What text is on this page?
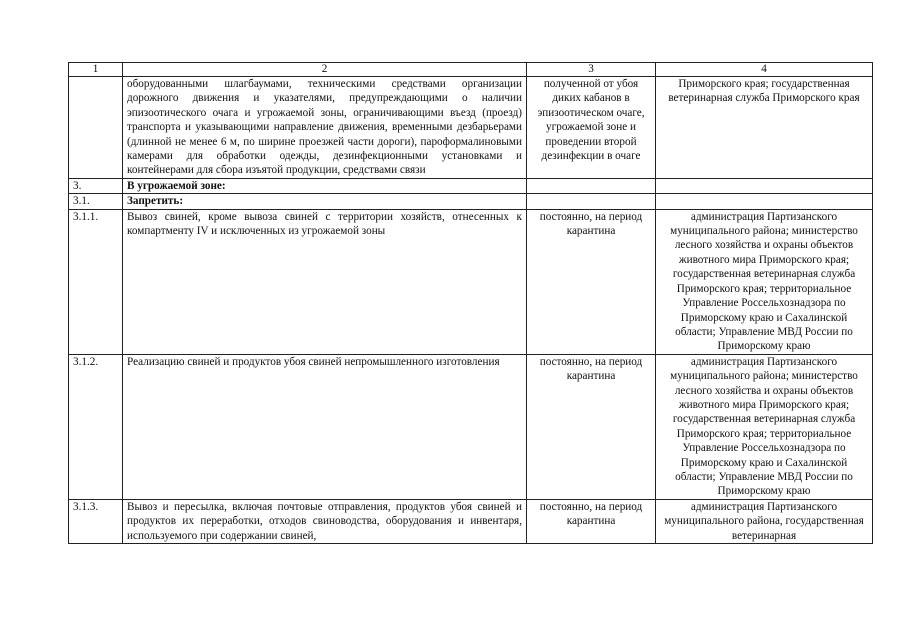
1	2	3	4
	оборудованными шлагбаумами, техническими средствами организации дорожного движения и указателями, предупреждающими о наличии эпизоотического очага и угрожаемой зоны, ограничивающими въезд (проезд) транспорта и указывающими направление движения, временными дезбарьерами (длинной не менее 6 м, по ширине проезжей части дороги), пароформалиновыми камерами для обработки одежды, дезинфекционными установками и контейнерами для сбора изъятой продукции, средствами связи	полученной от убоя диких кабанов в эпизоотическом очаге, угрожаемой зоне и проведении второй дезинфекции в очаге	Приморского края; государственная ветеринарная служба Приморского края
3.	В угрожаемой зоне:		
3.1.	Запретить:		
3.1.1.	Вывоз свиней, кроме вывоза свиней с территории хозяйств, отнесенных к компартменту IV и исключенных из угрожаемой зоны	постоянно, на период карантина	администрация Партизанского муниципального района; министерство лесного хозяйства и охраны объектов животного мира Приморского края; государственная ветеринарная служба Приморского края; территориальное Управление Россельхознадзора по Приморскому краю и Сахалинской области; Управление МВД России по Приморскому краю
3.1.2.	Реализацию свиней и продуктов убоя свиней непромышленного изготовления	постоянно, на период карантина	администрация Партизанского муниципального района; министерство лесного хозяйства и охраны объектов животного мира Приморского края; государственная ветеринарная служба Приморского края; территориальное Управление Россельхознадзора по Приморскому краю и Сахалинской области; Управление МВД России по Приморскому краю
3.1.3.	Вывоз и пересылка, включая почтовые отправления, продуктов убоя свиней и продуктов их переработки, отходов свиноводства, оборудования и инвентаря, используемого при содержании свиней,	постоянно, на период карантина	администрация Партизанского муниципального района, государственная ветеринарная
